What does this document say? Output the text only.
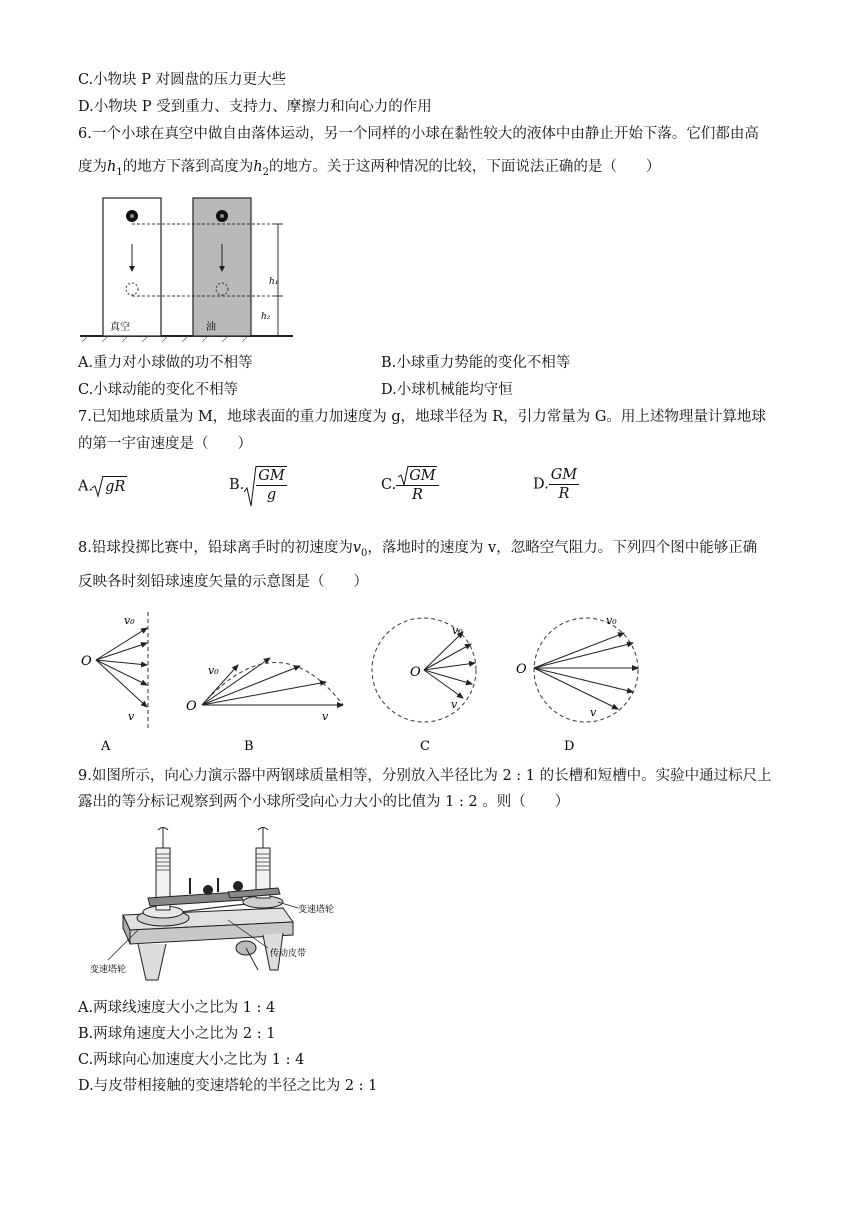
C.小物块 P 对圆盘的压力更大些
D.小物块 P 受到重力、支持力、摩擦力和向心力的作用
6.一个小球在真空中做自由落体运动，另一个同样的小球在黏性较大的液体中由静止开始下落。它们都由高
度为$h_1$的地方下落到高度为$h_2$的地方。关于这两种情况的比较，下面说法正确的是（　　）
h₁
h₂
真空	油
A.重力对小球做的功不相等	B.小球重力势能的变化不相等
C.小球动能的变化不相等	D.小球机械能均守恒
7.已知地球质量为 M，地球表面的重力加速度为 g，地球半径为 R，引力常量为 G。用上述物理量计算地球
的第一宇宙速度是（　　）
A. gR	B. $\frac{GM}{g}$	C. $\frac{GM}{R}$	D. $\frac{GM}{R}$
8.铅球投掷比赛中，铅球离手时的初速度为$v_0$，落地时的速度为 v，忽略空气阻力。下列四个图中能够正确
反映各时刻铅球速度矢量的示意图是（　　）
O
v₀
v
A
O
v₀
v
B
O
v₀
v
C
O
v₀
v
D
9.如图所示，向心力演示器中两钢球质量相等，分别放入半径比为 2 : 1 的长槽和短槽中。实验中通过标尺上
露出的等分标记观察到两个小球所受向心力大小的比值为 1 : 2 。则（　　）
变速塔轮
变速塔轮
传动皮带
A.两球线速度大小之比为 1 : 4
B.两球角速度大小之比为 2 : 1
C.两球向心加速度大小之比为 1 : 4
D.与皮带相接触的变速塔轮的半径之比为 2 : 1
